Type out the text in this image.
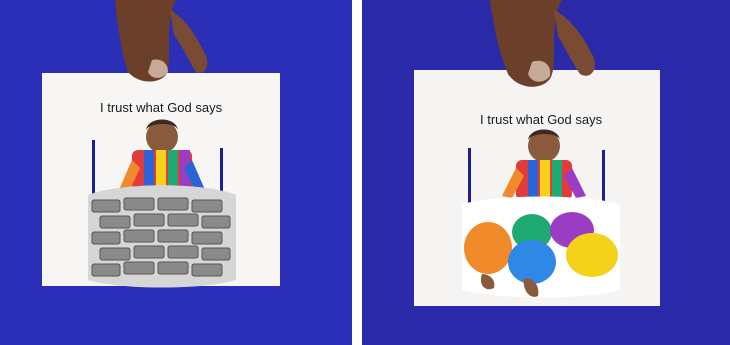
I trust what God says
I trust what God says
